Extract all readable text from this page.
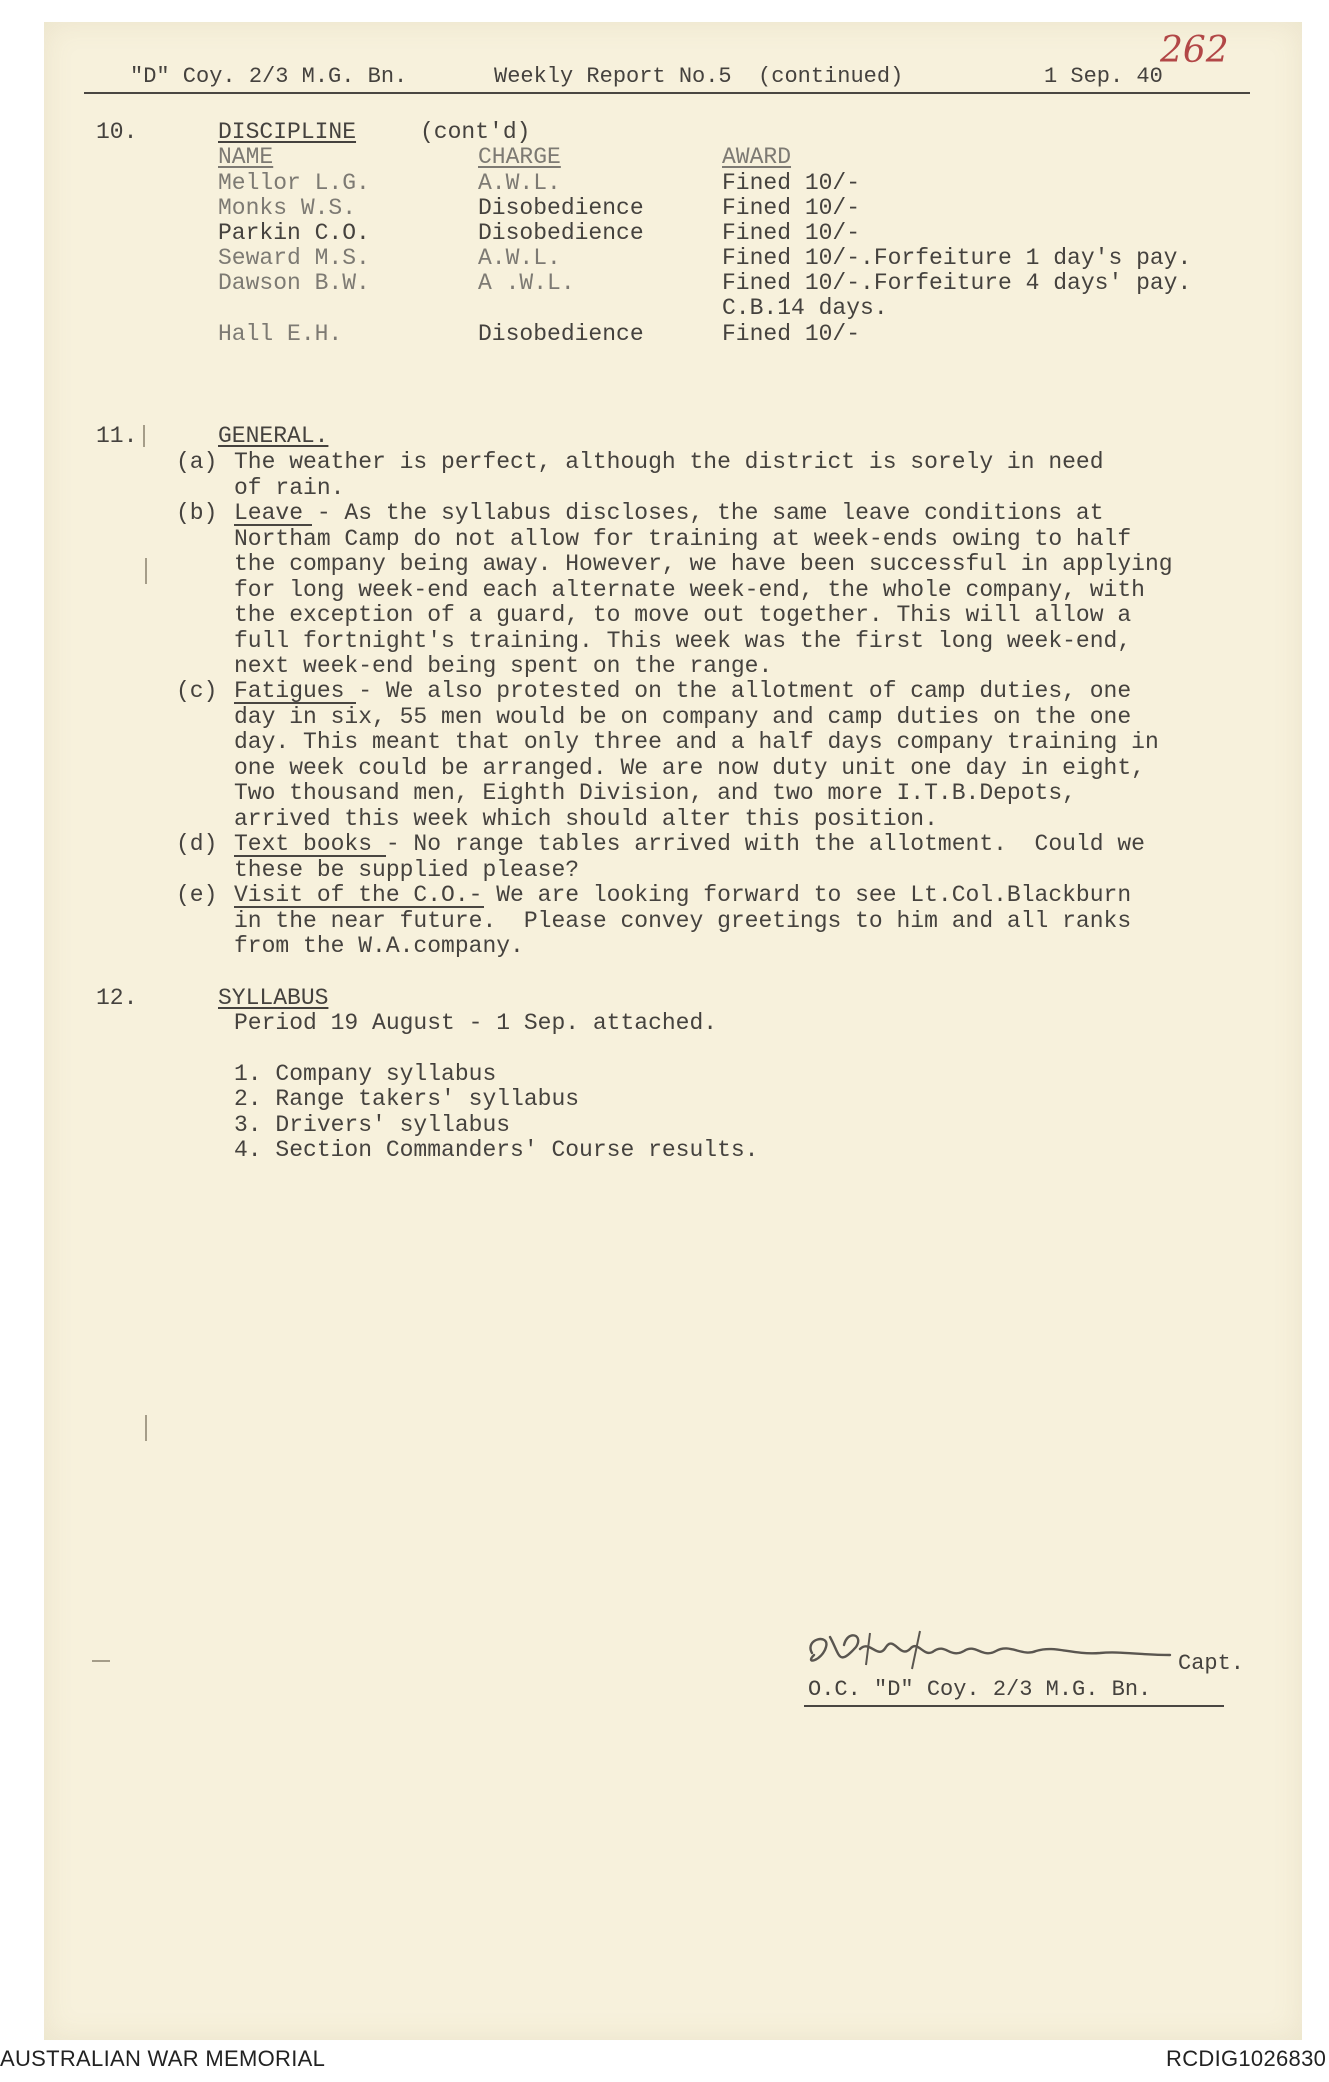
262
"D" Coy. 2/3 M.G. Bn.	Weekly Report No.5  (continued)	1 Sep. 40
10.	DISCIPLINE	(cont'd)
NAME	CHARGE	AWARD
Mellor L.G.	A.W.L.	Fined 10/-
Monks W.S.	Disobedience	Fined 10/-
Parkin C.O.	Disobedience	Fined 10/-
Seward M.S.	A.W.L.	Fined 10/-.Forfeiture 1 day's pay.
Dawson B.W.	A .W.L.	Fined 10/-.Forfeiture 4 days' pay.
C.B.14 days.
Hall E.H.	Disobedience	Fined 10/-
11.	GENERAL.
(a) The weather is perfect, although the district is sorely in need
of rain.
(b) Leave - As the syllabus discloses, the same leave conditions at
Northam Camp do not allow for training at week-ends owing to half
the company being away. However, we have been successful in applying
for long week-end each alternate week-end, the whole company, with
the exception of a guard, to move out together. This will allow a
full fortnight's training. This week was the first long week-end,
next week-end being spent on the range.
(c) Fatigues - We also protested on the allotment of camp duties, one
day in six, 55 men would be on company and camp duties on the one
day. This meant that only three and a half days company training in
one week could be arranged. We are now duty unit one day in eight,
Two thousand men, Eighth Division, and two more I.T.B.Depots,
arrived this week which should alter this position.
(d) Text books - No range tables arrived with the allotment.  Could we
these be supplied please?
(e) Visit of the C.O.- We are looking forward to see Lt.Col.Blackburn
in the near future.  Please convey greetings to him and all ranks
from the W.A.company.
12.	SYLLABUS
Period 19 August - 1 Sep. attached.
1. Company syllabus
2. Range takers' syllabus
3. Drivers' syllabus
4. Section Commanders' Course results.
Capt.
O.C. "D" Coy. 2/3 M.G. Bn.
AUSTRALIAN WAR MEMORIAL	RCDIG1026830
